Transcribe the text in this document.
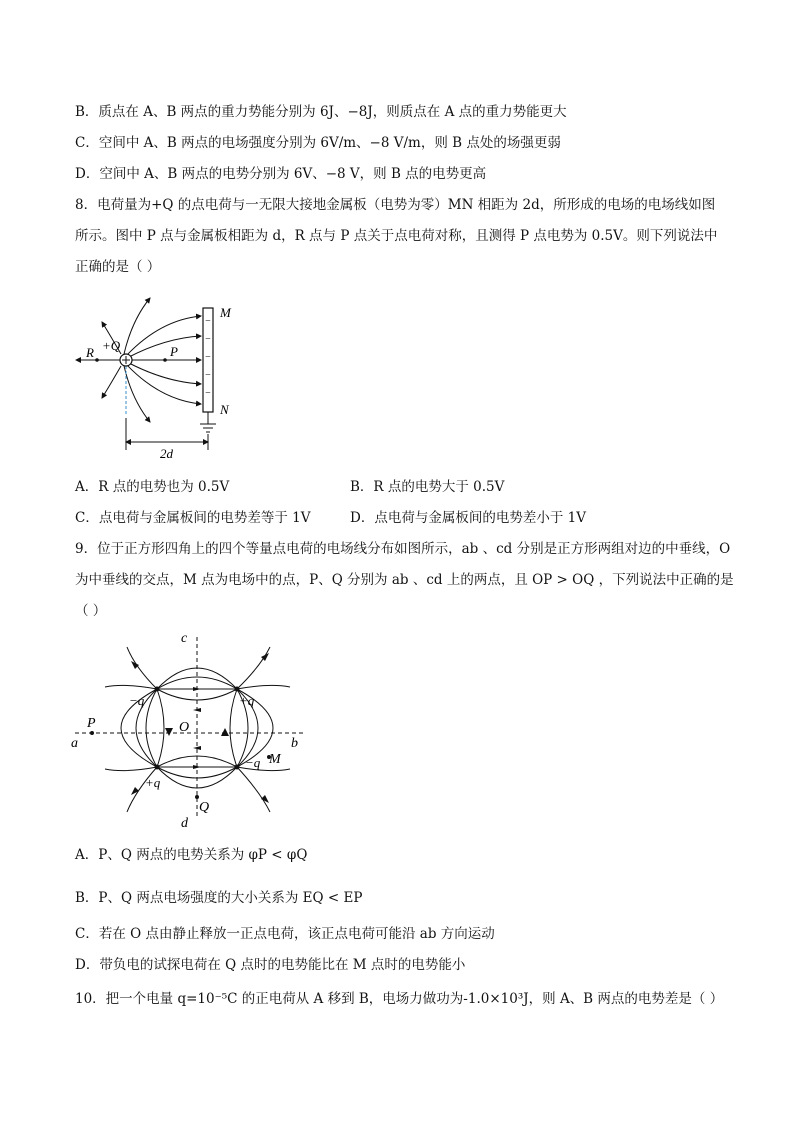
B．质点在 A、B 两点的重力势能分别为 6J、−8J，则质点在 A 点的重力势能更大
C．空间中 A、B 两点的电场强度分别为 6V/m、−8 V/m，则 B 点处的场强更弱
D．空间中 A、B 两点的电势分别为 6V、−8 V，则 B 点的电势更高
8．电荷量为+Q 的点电荷与一无限大接地金属板（电势为零）MN 相距为 2d，所形成的电场的电场线如图
所示。图中 P 点与金属板相距为 d，R 点与 P 点关于点电荷对称，且测得 P 点电势为 0.5V。则下列说法中
正确的是（ ）
−
−
−
−
−
R +Q	P
M
N
2d
A．R 点的电势也为 0.5V	B．R 点的电势大于 0.5V
C．点电荷与金属板间的电势差等于 1V	D．点电荷与金属板间的电势差小于 1V
9．位于正方形四角上的四个等量点电荷的电场线分布如图所示，ab 、cd 分别是正方形两组对边的中垂线，O
为中垂线的交点，M 点为电场中的点，P、Q 分别为 ab 、cd 上的两点，且 OP > OQ ，下列说法中正确的是
（ ）
c
d
a	b
O
P
Q
M
−q	+q
+q
−q
A．P、Q 两点的电势关系为 φP < φQ
B．P、Q 两点电场强度的大小关系为 EQ < EP
C．若在 O 点由静止释放一正点电荷，该正点电荷可能沿 ab 方向运动
D．带负电的试探电荷在 Q 点时的电势能比在 M 点时的电势能小
10．把一个电量 q=10⁻⁵C 的正电荷从 A 移到 B，电场力做功为-1.0×10³J，则 A、B 两点的电势差是（ ）
